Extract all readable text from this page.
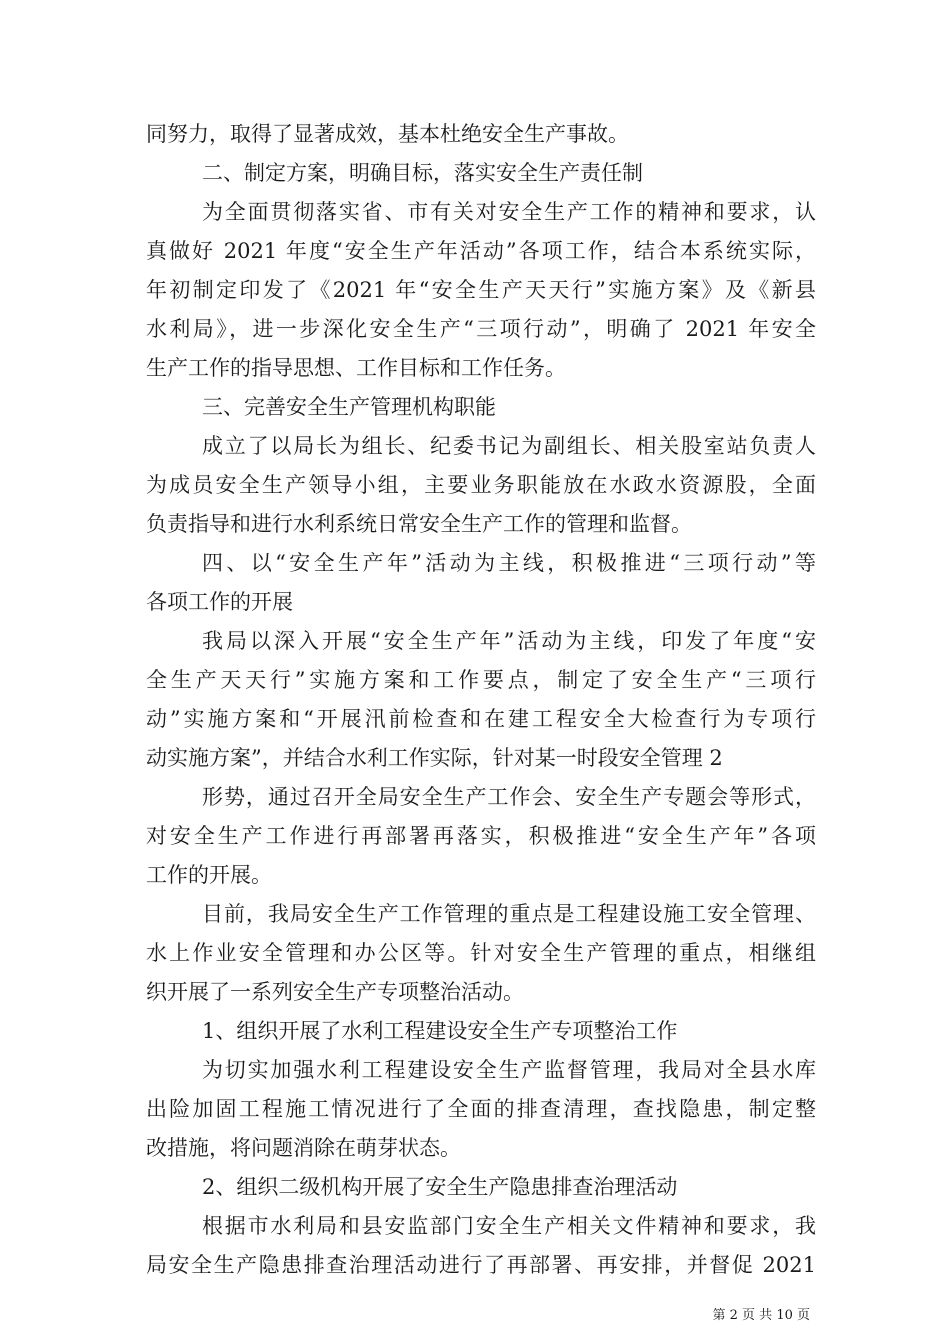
同努力，取得了显著成效，基本杜绝安全生产事故。
二、制定方案，明确目标，落实安全生产责任制
为全面贯彻落实省、市有关对安全生产工作的精神和要求，认
真做好 2021 年度“安全生产年活动”各项工作，结合本系统实际，
年初制定印发了《2021 年“安全生产天天行”实施方案》及《新县
水利局》，进一步深化安全生产“三项行动”，明确了 2021 年安全
生产工作的指导思想、工作目标和工作任务。
三、完善安全生产管理机构职能
成立了以局长为组长、纪委书记为副组长、相关股室站负责人
为成员安全生产领导小组，主要业务职能放在水政水资源股，全面
负责指导和进行水利系统日常安全生产工作的管理和监督。
四、以“安全生产年”活动为主线，积极推进“三项行动”等
各项工作的开展
我局以深入开展“安全生产年”活动为主线，印发了年度“安
全生产天天行”实施方案和工作要点，制定了安全生产“三项行
动”实施方案和“开展汛前检查和在建工程安全大检查行为专项行
动实施方案”，并结合水利工作实际，针对某一时段安全管理 2
形势，通过召开全局安全生产工作会、安全生产专题会等形式，
对安全生产工作进行再部署再落实，积极推进“安全生产年”各项
工作的开展。
目前，我局安全生产工作管理的重点是工程建设施工安全管理、
水上作业安全管理和办公区等。针对安全生产管理的重点，相继组
织开展了一系列安全生产专项整治活动。
1、组织开展了水利工程建设安全生产专项整治工作
为切实加强水利工程建设安全生产监督管理，我局对全县水库
出险加固工程施工情况进行了全面的排查清理，查找隐患，制定整
改措施，将问题消除在萌芽状态。
2、组织二级机构开展了安全生产隐患排查治理活动
根据市水利局和县安监部门安全生产相关文件精神和要求，我
局安全生产隐患排查治理活动进行了再部署、再安排，并督促 2021
第 2 页 共 10 页
